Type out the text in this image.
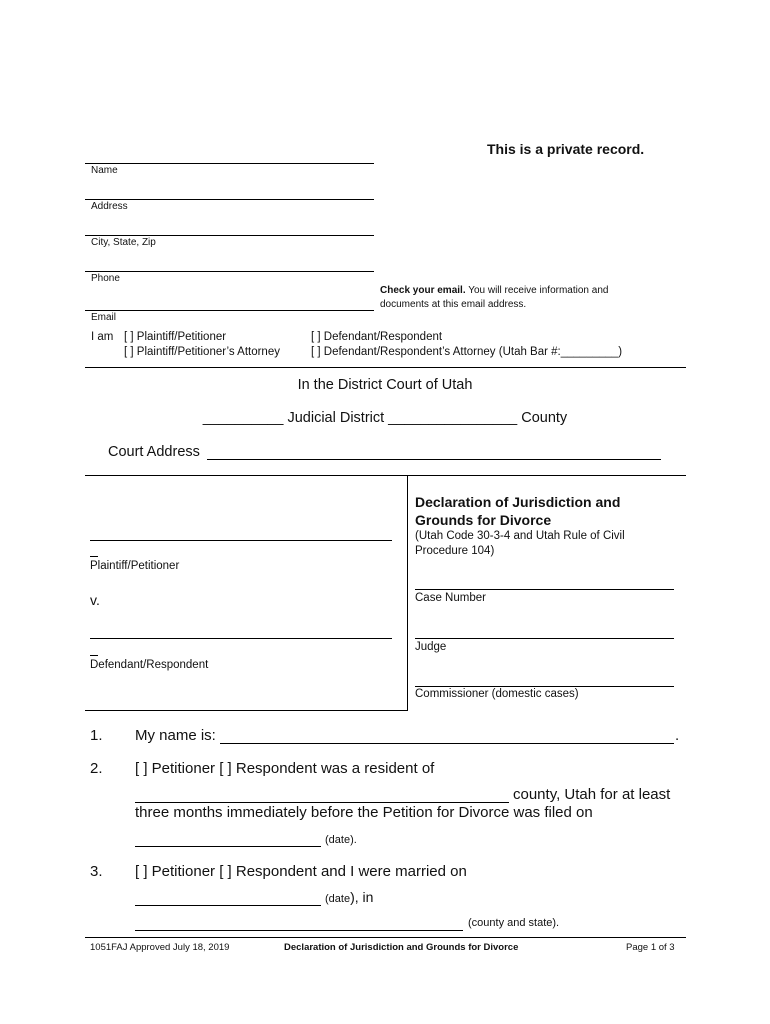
This is a private record.
Name
Address
City, State, Zip
Phone
Check your email. You will receive information and
documents at this email address.
Email
I am [ ] Plaintiff/Petitioner	[ ] Defendant/Respondent
[ ] Plaintiff/Petitioner’s Attorney	[ ] Defendant/Respondent’s Attorney (Utah Bar #:_________)
In the District Court of Utah
__________ Judicial District ________________ County
Court Address
Plaintiff/Petitioner
v.
Defendant/Respondent
Declaration of Jurisdiction and
Grounds for Divorce
(Utah Code 30-3-4 and Utah Rule of Civil
Procedure 104)
Case Number
Judge
Commissioner (domestic cases)
1. My name is:	.
2. [ ] Petitioner [ ] Respondent was a resident of
county, Utah for at least
three months immediately before the Petition for Divorce was filed on
(date).
3. [ ] Petitioner [ ] Respondent and I were married on
(date), in
(county and state).
1051FAJ Approved July 18, 2019	Declaration of Jurisdiction and Grounds for Divorce	Page 1 of 3
